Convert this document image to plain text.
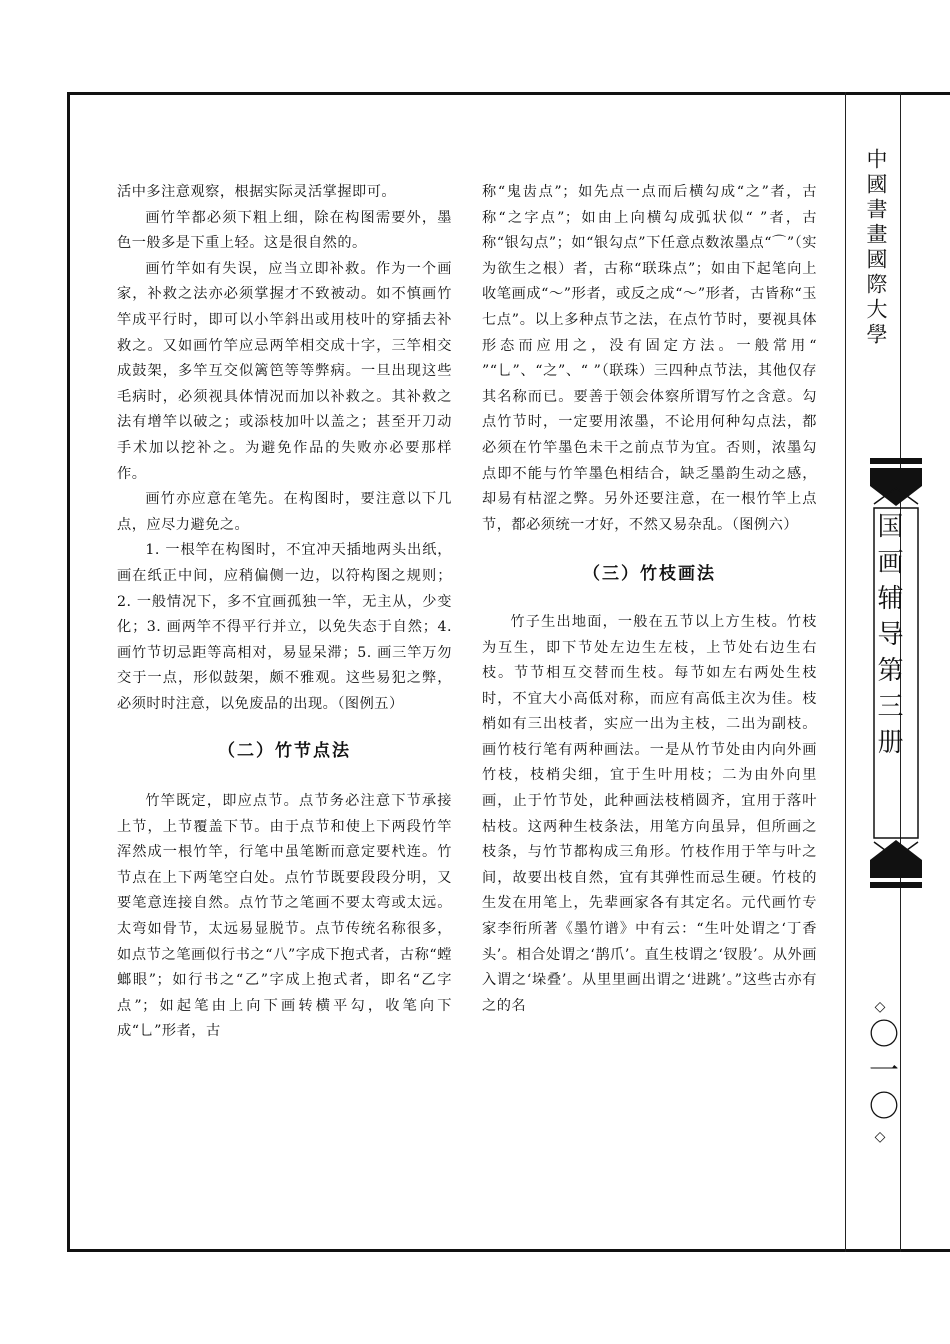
活中多注意观察，根据实际灵活掌握即可。

画竹竿都必须下粗上细，除在构图需要外，墨色一般多是下重上轻。这是很自然的。

画竹竿如有失误，应当立即补救。作为一个画家，补救之法亦必须掌握才不致被动。如不慎画竹竿成平行时，即可以小竿斜出或用枝叶的穿插去补救之。又如画竹竿应忌两竿相交成十字，三竿相交成鼓架，多竿互交似篱笆等等弊病。一旦出现这些毛病时，必须视具体情况而加以补救之。其补救之法有增竿以破之；或添枝加叶以盖之；甚至开刀动手术加以挖补之。为避免作品的失败亦必要那样作。

画竹亦应意在笔先。在构图时，要注意以下几点，应尽力避免之。

1. 一根竿在构图时，不宜冲天插地两头出纸，画在纸正中间，应稍偏侧一边，以符构图之规则；2. 一般情况下，多不宜画孤独一竿，无主从，少变化；3. 画两竿不得平行并立，以免失态于自然；4. 画竹节切忌距等高相对，易显呆滞；5. 画三竿万勿交于一点，形似鼓架，颇不雅观。这些易犯之弊，必须时时注意，以免废品的出现。（图例五）

（二）竹节点法

竹竿既定，即应点节。点节务必注意下节承接上节，上节覆盖下节。由于点节和使上下两段竹竿浑然成一根竹竿，行笔中虽笔断而意定要杙连。竹节点在上下两笔空白处。点竹节既要段段分明，又要笔意连接自然。点竹节之笔画不要太弯或太远。太弯如骨节，太远易显脱节。点节传统名称很多，如点节之笔画似行书之“八”字成下抱式者，古称“螳螂眼”；如行书之“乙”字成上抱式者，即名“乙字点”；如起笔由上向下画转横平勾，收笔向下成“乚”形者，古

称“鬼齿点”；如先点一点而后横勾成“之”者，古称“之字点”；如由上向横勾成弧状似“ ”者，古称“银勾点”；如“银勾点”下任意点数浓墨点“⌒”（实为欲生之根）者，古称“联珠点”；如由下起笔向上收笔画成“～”形者，或反之成“～”形者，古皆称“玉七点”。以上多种点节之法，在点竹节时，要视具体形态而应用之，没有固定方法。一般常用“ ”“乚”、“之”、“ ”（联珠）三四种点节法，其他仅存其名称而已。要善于领会体察所谓写竹之含意。勾点竹节时，一定要用浓墨，不论用何种勾点法，都必须在竹竿墨色未干之前点节为宜。否则，浓墨勾点即不能与竹竿墨色相结合，缺乏墨韵生动之感，却易有枯涩之弊。另外还要注意，在一根竹竿上点节，都必须统一才好，不然又易杂乱。（图例六）

（三）竹枝画法

竹子生出地面，一般在五节以上方生枝。竹枝为互生，即下节处左边生左枝，上节处右边生右枝。节节相互交替而生枝。每节如左右两处生枝时，不宜大小高低对称，而应有高低主次为佳。枝梢如有三出枝者，实应一出为主枝，二出为副枝。画竹枝行笔有两种画法。一是从竹节处由内向外画竹枝，枝梢尖细，宜于生叶用枝；二为由外向里画，止于竹节处，此种画法枝梢圆齐，宜用于落叶枯枝。这两种生枝条法，用笔方向虽异，但所画之枝条，与竹节都构成三角形。竹枝作用于竿与叶之间，故要出枝自然，宜有其弹性而忌生硬。竹枝的生发在用笔上，先辈画家各有其定名。元代画竹专家李衎所著《墨竹谱》中有云：“生叶处谓之‘丁香头’。相合处谓之‘鹊爪’。直生枝谓之‘钗股’。从外画入谓之‘垛叠’。从里里画出谓之‘进跳’。”这些古亦有之的名

中國書畫國際大學
国画辅导第三册
◇
〇一〇
◇
